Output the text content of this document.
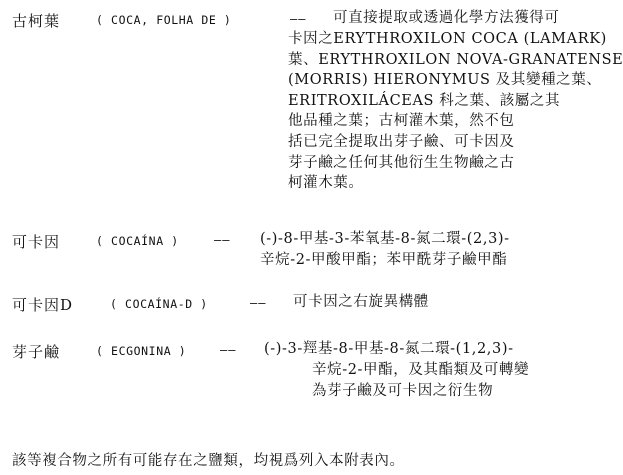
古柯葉	( COCA, FOLHA DE )	—— 可直接提取或透過化學方法獲得可
卡因之ERYTHROXILON COCA (LAMARK)
葉、ERYTHROXILON NOVA-GRANATENSE
(MORRIS) HIERONYMUS 及其變種之葉、
ERITROXILÁCEAS 科之葉、該屬之其
他品種之葉；古柯灌木葉，然不包
括已完全提取出芽子鹼、可卡因及
芽子鹼之任何其他衍生生物鹼之古
柯灌木葉。
可卡因	( COCAÍNA )	—— (-)-8-甲基-3-苯氧基-8-氮二環-(2,3)-
辛烷-2-甲酸甲酯；苯甲酰芽子鹼甲酯
可卡因D	( COCAÍNA-D )	—— 可卡因之右旋異構體
芽子鹼	( ECGONINA )	—— (-)-3-羥基-8-甲基-8-氮二環-(1,2,3)-
辛烷-2-甲酯，及其酯類及可轉變
為芽子鹼及可卡因之衍生物
該等複合物之所有可能存在之鹽類，均視爲列入本附表內。
